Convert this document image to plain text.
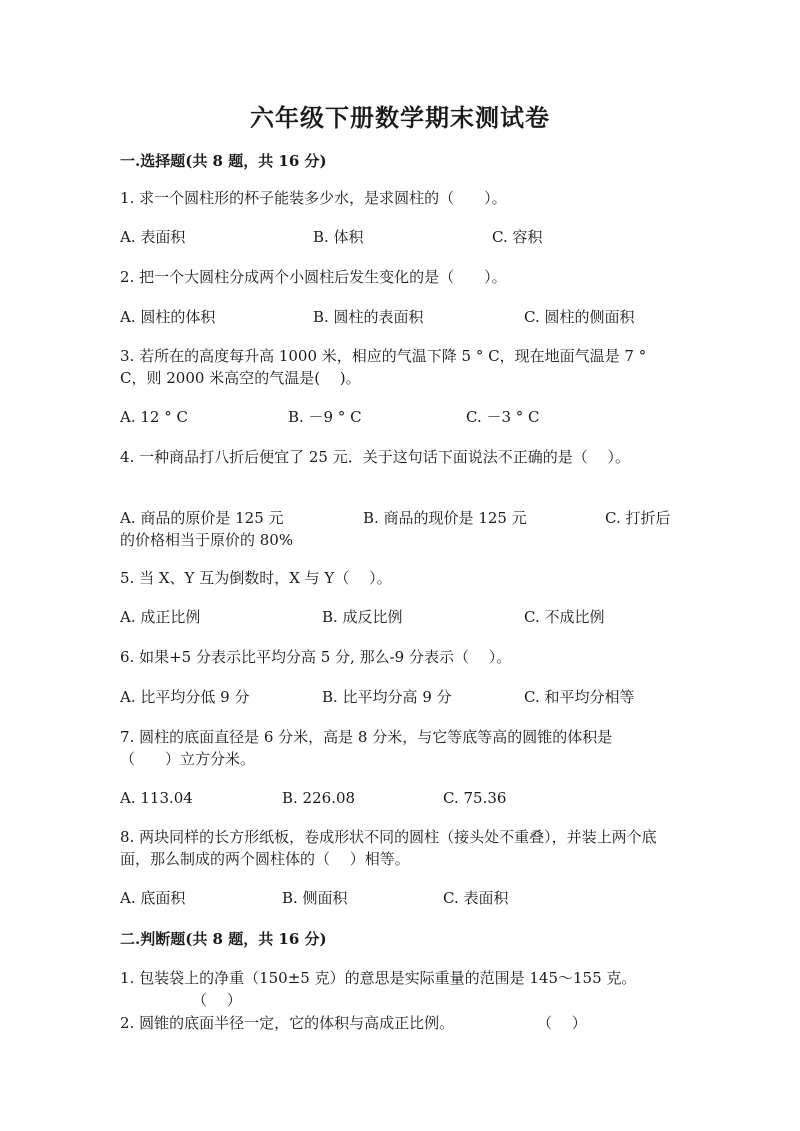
六年级下册数学期末测试卷
一.选择题(共 8 题，共 16 分)
1. 求一个圆柱形的杯子能装多少水，是求圆柱的（　　）。
A. 表面积	B. 体积	C. 容积
2. 把一个大圆柱分成两个小圆柱后发生变化的是（　　）。
A. 圆柱的体积	B. 圆柱的表面积	C. 圆柱的侧面积
3. 若所在的高度每升高 1000 米，相应的气温下降 5 ° C，现在地面气温是 7 ° C，则 2000 米高空的气温是(　 )。
A. 12 ° C	B. －9 ° C	C. －3 ° C
4. 一种商品打八折后便宜了 25 元．关于这句话下面说法不正确的是（　 ）。
A. 商品的原价是 125 元	B. 商品的现价是 125 元	C. 打折后
的价格相当于原价的 80%
5. 当 X、Y 互为倒数时，X 与 Y（　 ）。
A. 成正比例	B. 成反比例	C. 不成比例
6. 如果+5 分表示比平均分高 5 分, 那么-9 分表示（　 ）。
A. 比平均分低 9 分	B. 比平均分高 9 分	C. 和平均分相等
7. 圆柱的底面直径是 6 分米，高是 8 分米，与它等底等高的圆锥的体积是（　　）立方分米。
A. 113.04	B. 226.08	C. 75.36
8. 两块同样的长方形纸板，卷成形状不同的圆柱（接头处不重叠），并装上两个底面，那么制成的两个圆柱体的（　 ）相等。
A. 底面积	B. 侧面积	C. 表面积
二.判断题(共 8 题，共 16 分)
1. 包装袋上的净重（150±5 克）的意思是实际重量的范围是 145～155 克。
（　 ）
2. 圆锥的底面半径一定，它的体积与高成正比例。	（　 ）
